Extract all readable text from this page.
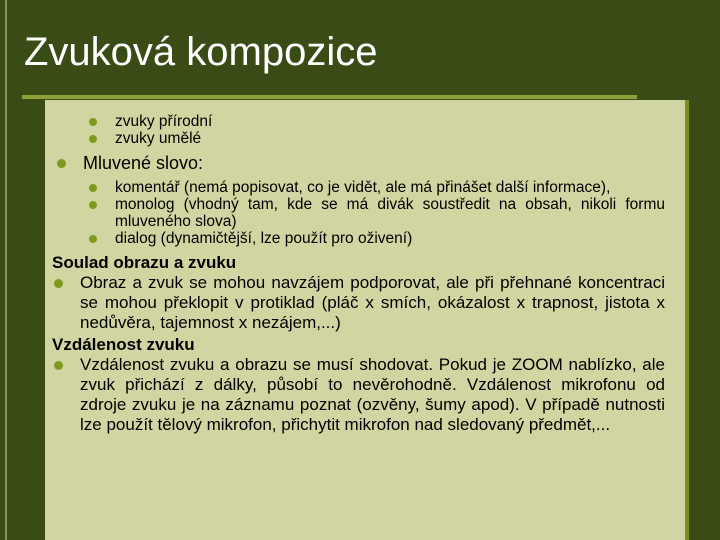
Zvuková kompozice

zvuky přírodní

zvuky umělé

Mluvené slovo:

komentář (nemá popisovat, co je vidět, ale má přinášet další informace),

monolog (vhodný tam, kde se má divák soustředit na obsah, nikoli formu mluveného slova)

dialog (dynamičtější, lze použít pro oživení)

Soulad obrazu a zvuku

Obraz a zvuk se mohou navzájem podporovat, ale při přehnané koncentraci se mohou překlopit v protiklad (pláč x smích, okázalost x trapnost, jistota x nedůvěra, tajemnost x nezájem,...)

Vzdálenost zvuku

Vzdálenost zvuku a obrazu se musí shodovat. Pokud je ZOOM nablízko, ale zvuk přichází z dálky, působí to nevěrohodně. Vzdálenost mikrofonu od zdroje zvuku je na záznamu poznat (ozvěny, šumy apod). V případě nutnosti lze použít tělový mikrofon, přichytit mikrofon nad sledovaný předmět,...
